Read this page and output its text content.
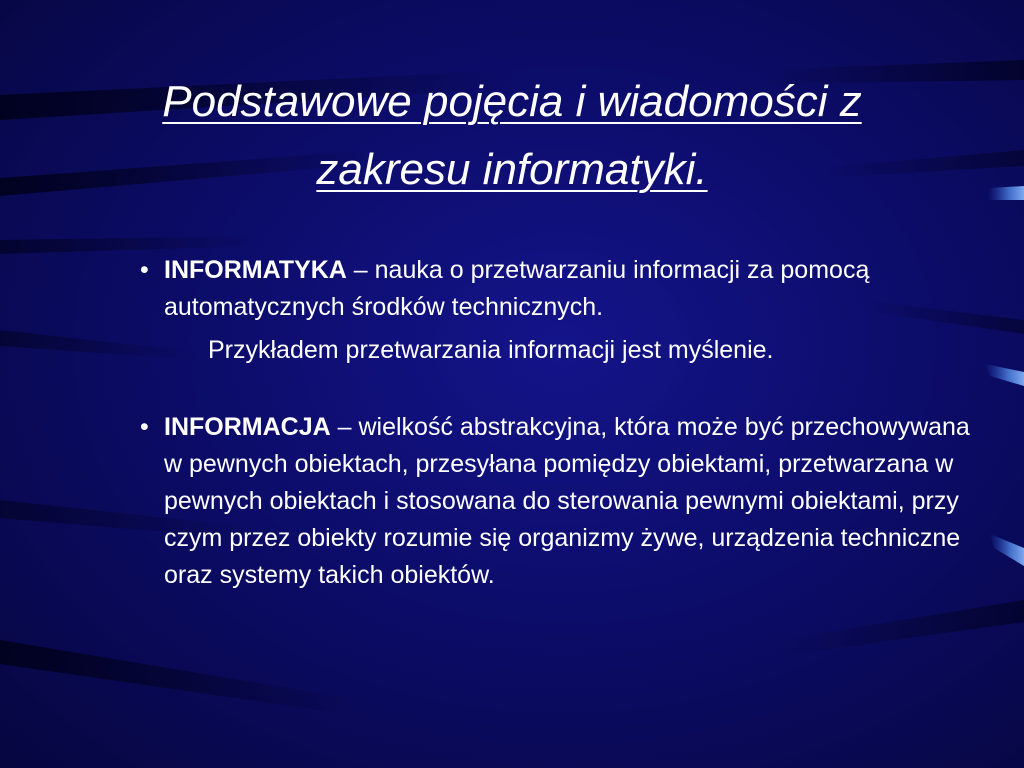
Podstawowe pojęcia i wiadomości z
zakresu informatyki.
• INFORMATYKA – nauka o przetwarzaniu informacji za pomocą automatycznych środków technicznych.
Przykładem przetwarzania informacji jest myślenie.
• INFORMACJA – wielkość abstrakcyjna, która może być przechowywana w pewnych obiektach, przesyłana pomiędzy obiektami, przetwarzana w pewnych obiektach i stosowana do sterowania pewnymi obiektami, przy czym przez obiekty rozumie się organizmy żywe, urządzenia techniczne oraz systemy takich obiektów.
